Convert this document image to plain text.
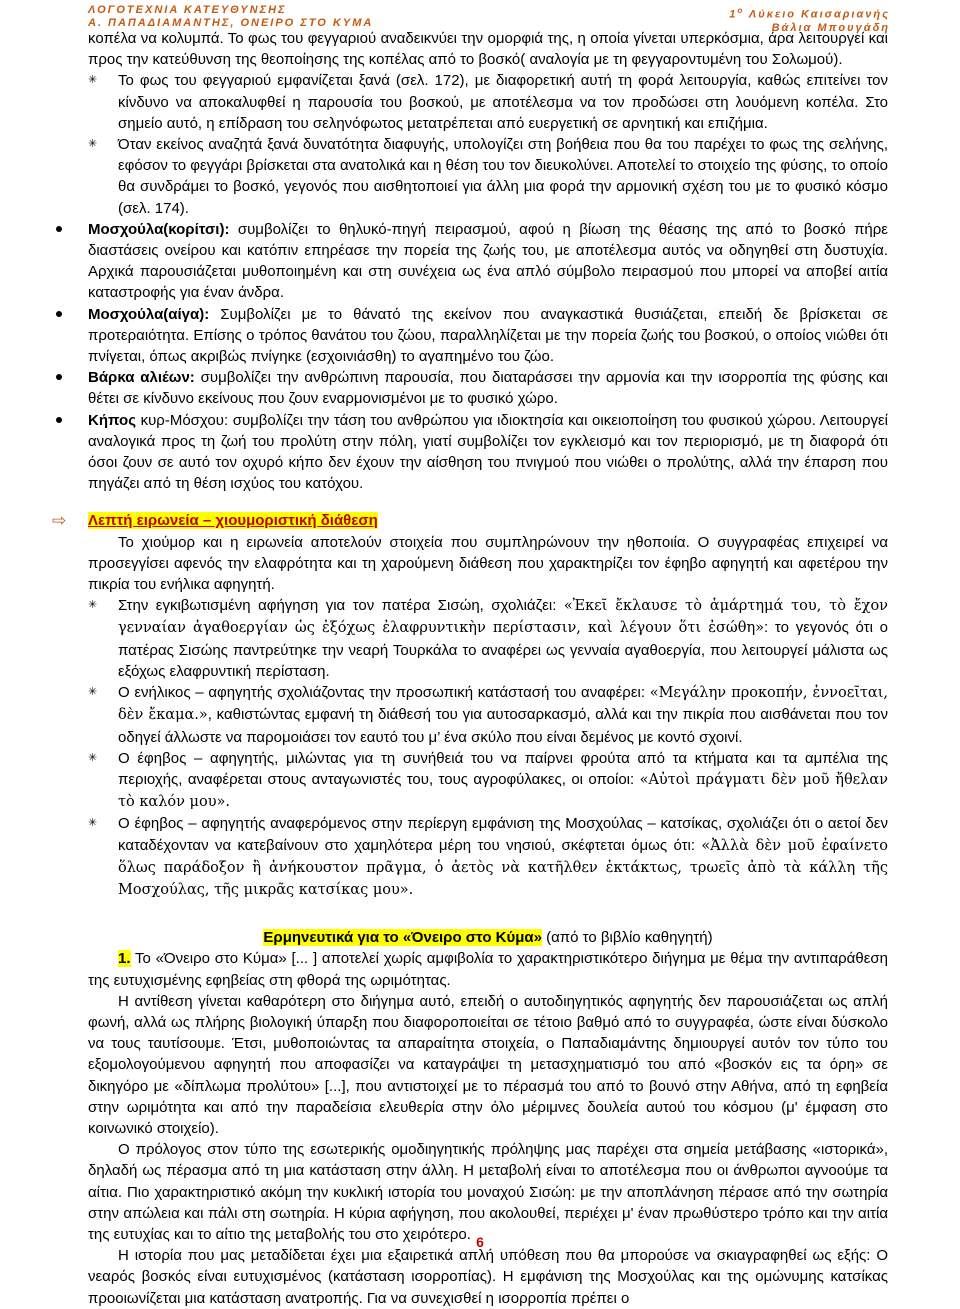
ΛΟΓΟΤΕΧΝΙΑ ΚΑΤΕΥΘΥΝΣΗΣ
Α. ΠΑΠΑΔΙΑΜΑΝΤΗΣ, ΟΝΕΙΡΟ ΣΤΟ ΚΥΜΑ
$1^o$ Λύκειο Καισαριανής
Βάλια Μπουγάδη

κοπέλα να κολυμπά. Το φως του φεγγαριού αναδεικνύει την ομορφιά της, η οποία γίνεται υπερκόσμια, άρα λειτουργεί και προς την κατεύθυνση της θεοποίησης της κοπέλας από το βοσκό( αναλογία με τη φεγγαροντυμένη του Σολωμού).

✳ Το φως του φεγγαριού εμφανίζεται ξανά (σελ. 172), με διαφορετική αυτή τη φορά λειτουργία, καθώς επιτείνει τον κίνδυνο να αποκαλυφθεί η παρουσία του βοσκού, με αποτέλεσμα να τον προδώσει στη λουόμενη κοπέλα. Στο σημείο αυτό, η επίδραση του σεληνόφωτος μετατρέπεται από ευεργετική σε αρνητική και επιζήμια.

✳ Όταν εκείνος αναζητά ξανά δυνατότητα διαφυγής, υπολογίζει στη βοήθεια που θα του παρέχει το φως της σελήνης, εφόσον το φεγγάρι βρίσκεται στα ανατολικά και η θέση του τον διευκολύνει. Αποτελεί το στοιχείο της φύσης, το οποίο θα συνδράμει το βοσκό, γεγονός που αισθητοποιεί για άλλη μια φορά την αρμονική σχέση του με το φυσικό κόσμο (σελ. 174).

Μοσχούλα(κορίτσι): συμβολίζει το θηλυκό-πηγή πειρασμού, αφού η βίωση της θέασης της από το βοσκό πήρε διαστάσεις ονείρου και κατόπιν επηρέασε την πορεία της ζωής του, με αποτέλεσμα αυτός να οδηγηθεί στη δυστυχία. Αρχικά παρουσιάζεται μυθοποιημένη και στη συνέχεια ως ένα απλό σύμβολο πειρασμού που μπορεί να αποβεί αιτία καταστροφής για έναν άνδρα.

Μοσχούλα(αίγα): Συμβολίζει με το θάνατό της εκείνον που αναγκαστικά θυσιάζεται, επειδή δε βρίσκεται σε προτεραιότητα. Επίσης ο τρόπος θανάτου του ζώου, παραλληλίζεται με την πορεία ζωής του βοσκού, ο οποίος νιώθει ότι πνίγεται, όπως ακριβώς πνίγηκε (εσχοινιάσθη) το αγαπημένο του ζώο.

Βάρκα αλιέων: συμβολίζει την ανθρώπινη παρουσία, που διαταράσσει την αρμονία και την ισορροπία της φύσης και θέτει σε κίνδυνο εκείνους που ζουν εναρμονισμένοι με το φυσικό χώρο.

Κήπος κυρ-Μόσχου: συμβολίζει την τάση του ανθρώπου για ιδιοκτησία και οικειοποίηση του φυσικού χώρου. Λειτουργεί αναλογικά προς τη ζωή του προλύτη στην πόλη, γιατί συμβολίζει τον εγκλεισμό και τον περιορισμό, με τη διαφορά ότι όσοι ζουν σε αυτό τον οχυρό κήπο δεν έχουν την αίσθηση του πνιγμού που νιώθει ο προλύτης, αλλά την έπαρση που πηγάζει από τη θέση ισχύος του κατόχου.

⇨ Λεπτή ειρωνεία – χιουμοριστική διάθεση

Το χιούμορ και η ειρωνεία αποτελούν στοιχεία που συμπληρώνουν την ηθοποιία. Ο συγγραφέας επιχειρεί να προσεγγίσει αφενός την ελαφρότητα και τη χαρούμενη διάθεση που χαρακτηρίζει τον έφηβο αφηγητή και αφετέρου την πικρία του ενήλικα αφηγητή.

✳ Στην εγκιβωτισμένη αφήγηση για τον πατέρα Σισώη, σχολιάζει: «Ἐκεῖ ἔκλαυσε τὸ ἁμάρτημά του, τὸ ἔχον γενναίαν ἀγαθοεργίαν ὡς ἐξόχως ἐλαφρυντικὴν περίστασιν, καὶ λέγουν ὅτι ἐσώθη»: το γεγονός ότι ο πατέρας Σισώης παντρεύτηκε την νεαρή Τουρκάλα το αναφέρει ως γενναία αγαθοεργία, που λειτουργεί μάλιστα ως εξόχως ελαφρυντική περίσταση.

✳ Ο ενήλικος – αφηγητής σχολιάζοντας την προσωπική κατάστασή του αναφέρει: «Μεγάλην προκοπήν, ἐννοεῖται, δὲν ἔκαμα.», καθιστώντας εμφανή τη διάθεσή του για αυτοσαρκασμό, αλλά και την πικρία που αισθάνεται που τον οδηγεί άλλωστε να παρομοιάσει τον εαυτό του μ’ ένα σκύλο που είναι δεμένος με κοντό σχοινί.

✳ Ο έφηβος – αφηγητής, μιλώντας για τη συνήθειά του να παίρνει φρούτα από τα κτήματα και τα αμπέλια της περιοχής, αναφέρεται στους ανταγωνιστές του, τους αγροφύλακες, οι οποίοι: «Αὐτοὶ πράγματι δὲν μοῦ ἤθελαν τὸ καλόν μου».

✳ Ο έφηβος – αφηγητής αναφερόμενος στην περίεργη εμφάνιση της Μοσχούλας – κατσίκας, σχολιάζει ότι ο αετοί δεν καταδέχονταν να κατεβαίνουν στο χαμηλότερα μέρη του νησιού, σκέφτεται όμως ότι: «Ἀλλὰ δὲν μοῦ ἐφαίνετο ὅλως παράδοξον ἢ ἀνήκουστον πρᾶγμα, ὁ ἀετὸς νὰ κατῆλθεν ἐκτάκτως, τρωεῖς ἀπὸ τὰ κάλλη τῆς Μοσχούλας, τῆς μικρᾶς κατσίκας μου».

Ερμηνευτικά για το «Όνειρο στο Κύμα» (από το βιβλίο καθηγητή)

1. Το «Όνειρο στο Κύμα» [... ] αποτελεί χωρίς αμφιβολία το χαρακτηριστικότερο διήγημα με θέμα την αντιπαράθεση της ευτυχισμένης εφηβείας στη φθορά της ωριμότητας.

Η αντίθεση γίνεται καθαρότερη στο διήγημα αυτό, επειδή ο αυτοδιηγητικός αφηγητής δεν παρουσιάζεται ως απλή φωνή, αλλά ως πλήρης βιολογική ύπαρξη που διαφοροποιείται σε τέτοιο βαθμό από το συγγραφέα, ώστε είναι δύσκολο να τους ταυτίσουμε. Έτσι, μυθοποιώντας τα απαραίτητα στοιχεία, ο Παπαδιαμάντης δημιουργεί αυτόν τον τύπο του εξομολογούμενου αφηγητή που αποφασίζει να καταγράψει τη μετασχηματισμό του από «βοσκόν εις τα όρη» σε δικηγόρο με «δίπλωμα προλύτου» [...], που αντιστοιχεί με το πέρασμά του από το βουνό στην Αθήνα, από τη εφηβεία στην ωριμότητα και από την παραδείσια ελευθερία στην όλο μέριμνες δουλεία αυτού του κόσμου (μ' έμφαση στο κοινωνικό στοιχείο).

Ο πρόλογος στον τύπο της εσωτερικής ομοδιηγητικής πρόληψης μας παρέχει στα σημεία μετάβασης «ιστορικά», δηλαδή ως πέρασμα από τη μια κατάσταση στην άλλη. Η μεταβολή είναι το αποτέλεσμα που οι άνθρωποι αγνοούμε τα αίτια. Πιο χαρακτηριστικό ακόμη την κυκλική ιστορία του μοναχού Σισώη: με την αποπλάνηση πέρασε από την σωτηρία στην απώλεια και πάλι στη σωτηρία. Η κύρια αφήγηση, που ακολουθεί, περιέχει μ' έναν πρωθύστερο τρόπο και την αιτία της ευτυχίας και το αίτιο της μεταβολής του στο χειρότερο.

Η ιστορία που μας μεταδίδεται έχει μια εξαιρετικά απλή υπόθεση που θα μπορούσε να σκιαγραφηθεί ως εξής: Ο νεαρός βοσκός είναι ευτυχισμένος (κατάσταση ισορροπίας). Η εμφάνιση της Μοσχούλας και της ομώνυμης κατσίκας προοιωνίζεται μια κατάσταση ανατροπής. Για να συνεχισθεί η ισορροπία πρέπει ο

6
